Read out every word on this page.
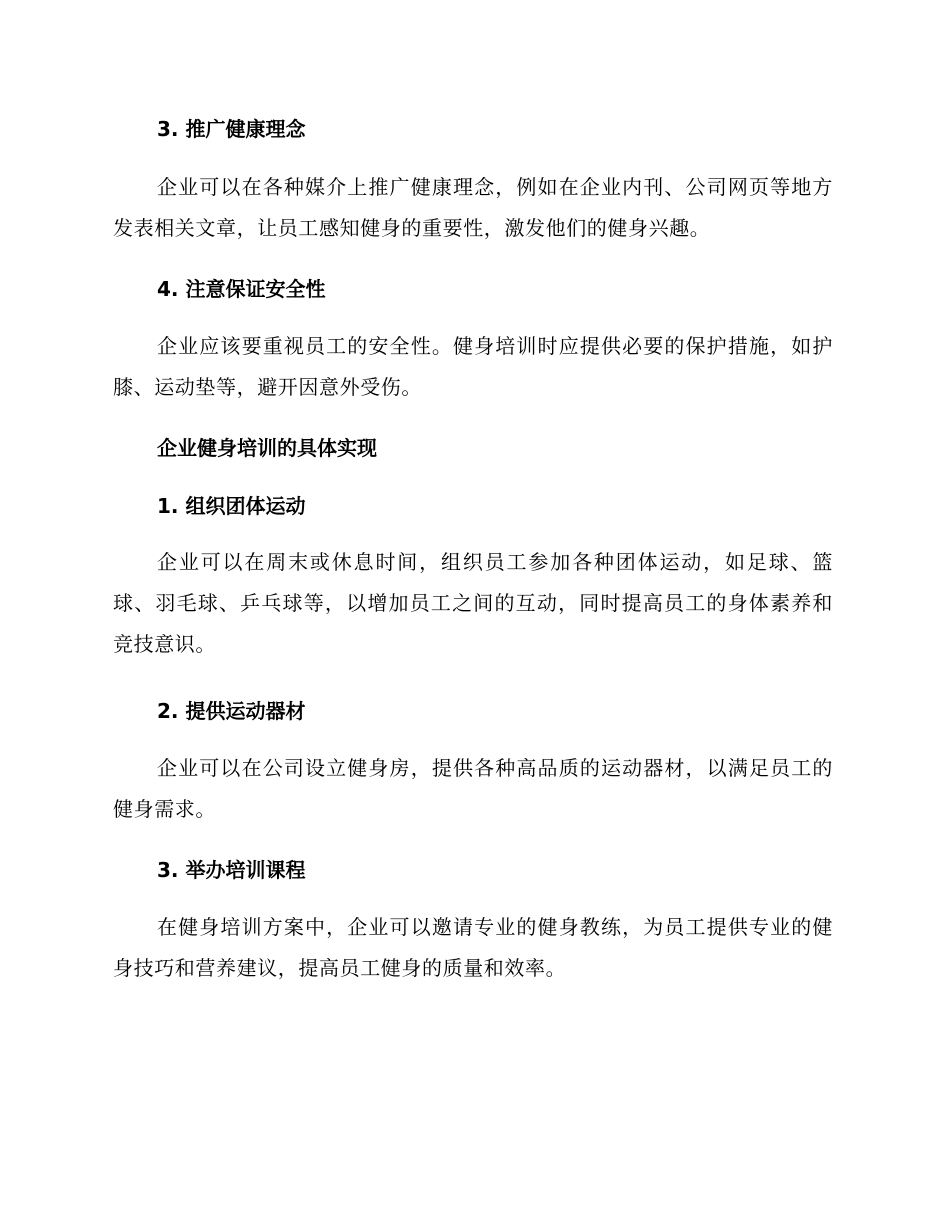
3. 推广健康理念
企业可以在各种媒介上推广健康理念，例如在企业内刊、公司网页等地方发表相关文章，让员工感知健身的重要性，激发他们的健身兴趣。
4. 注意保证安全性
企业应该要重视员工的安全性。健身培训时应提供必要的保护措施，如护膝、运动垫等，避开因意外受伤。
企业健身培训的具体实现
1. 组织团体运动
企业可以在周末或休息时间，组织员工参加各种团体运动，如足球、篮球、羽毛球、乒乓球等，以增加员工之间的互动，同时提高员工的身体素养和竞技意识。
2. 提供运动器材
企业可以在公司设立健身房，提供各种高品质的运动器材，以满足员工的健身需求。
3. 举办培训课程
在健身培训方案中，企业可以邀请专业的健身教练，为员工提供专业的健身技巧和营养建议，提高员工健身的质量和效率。
